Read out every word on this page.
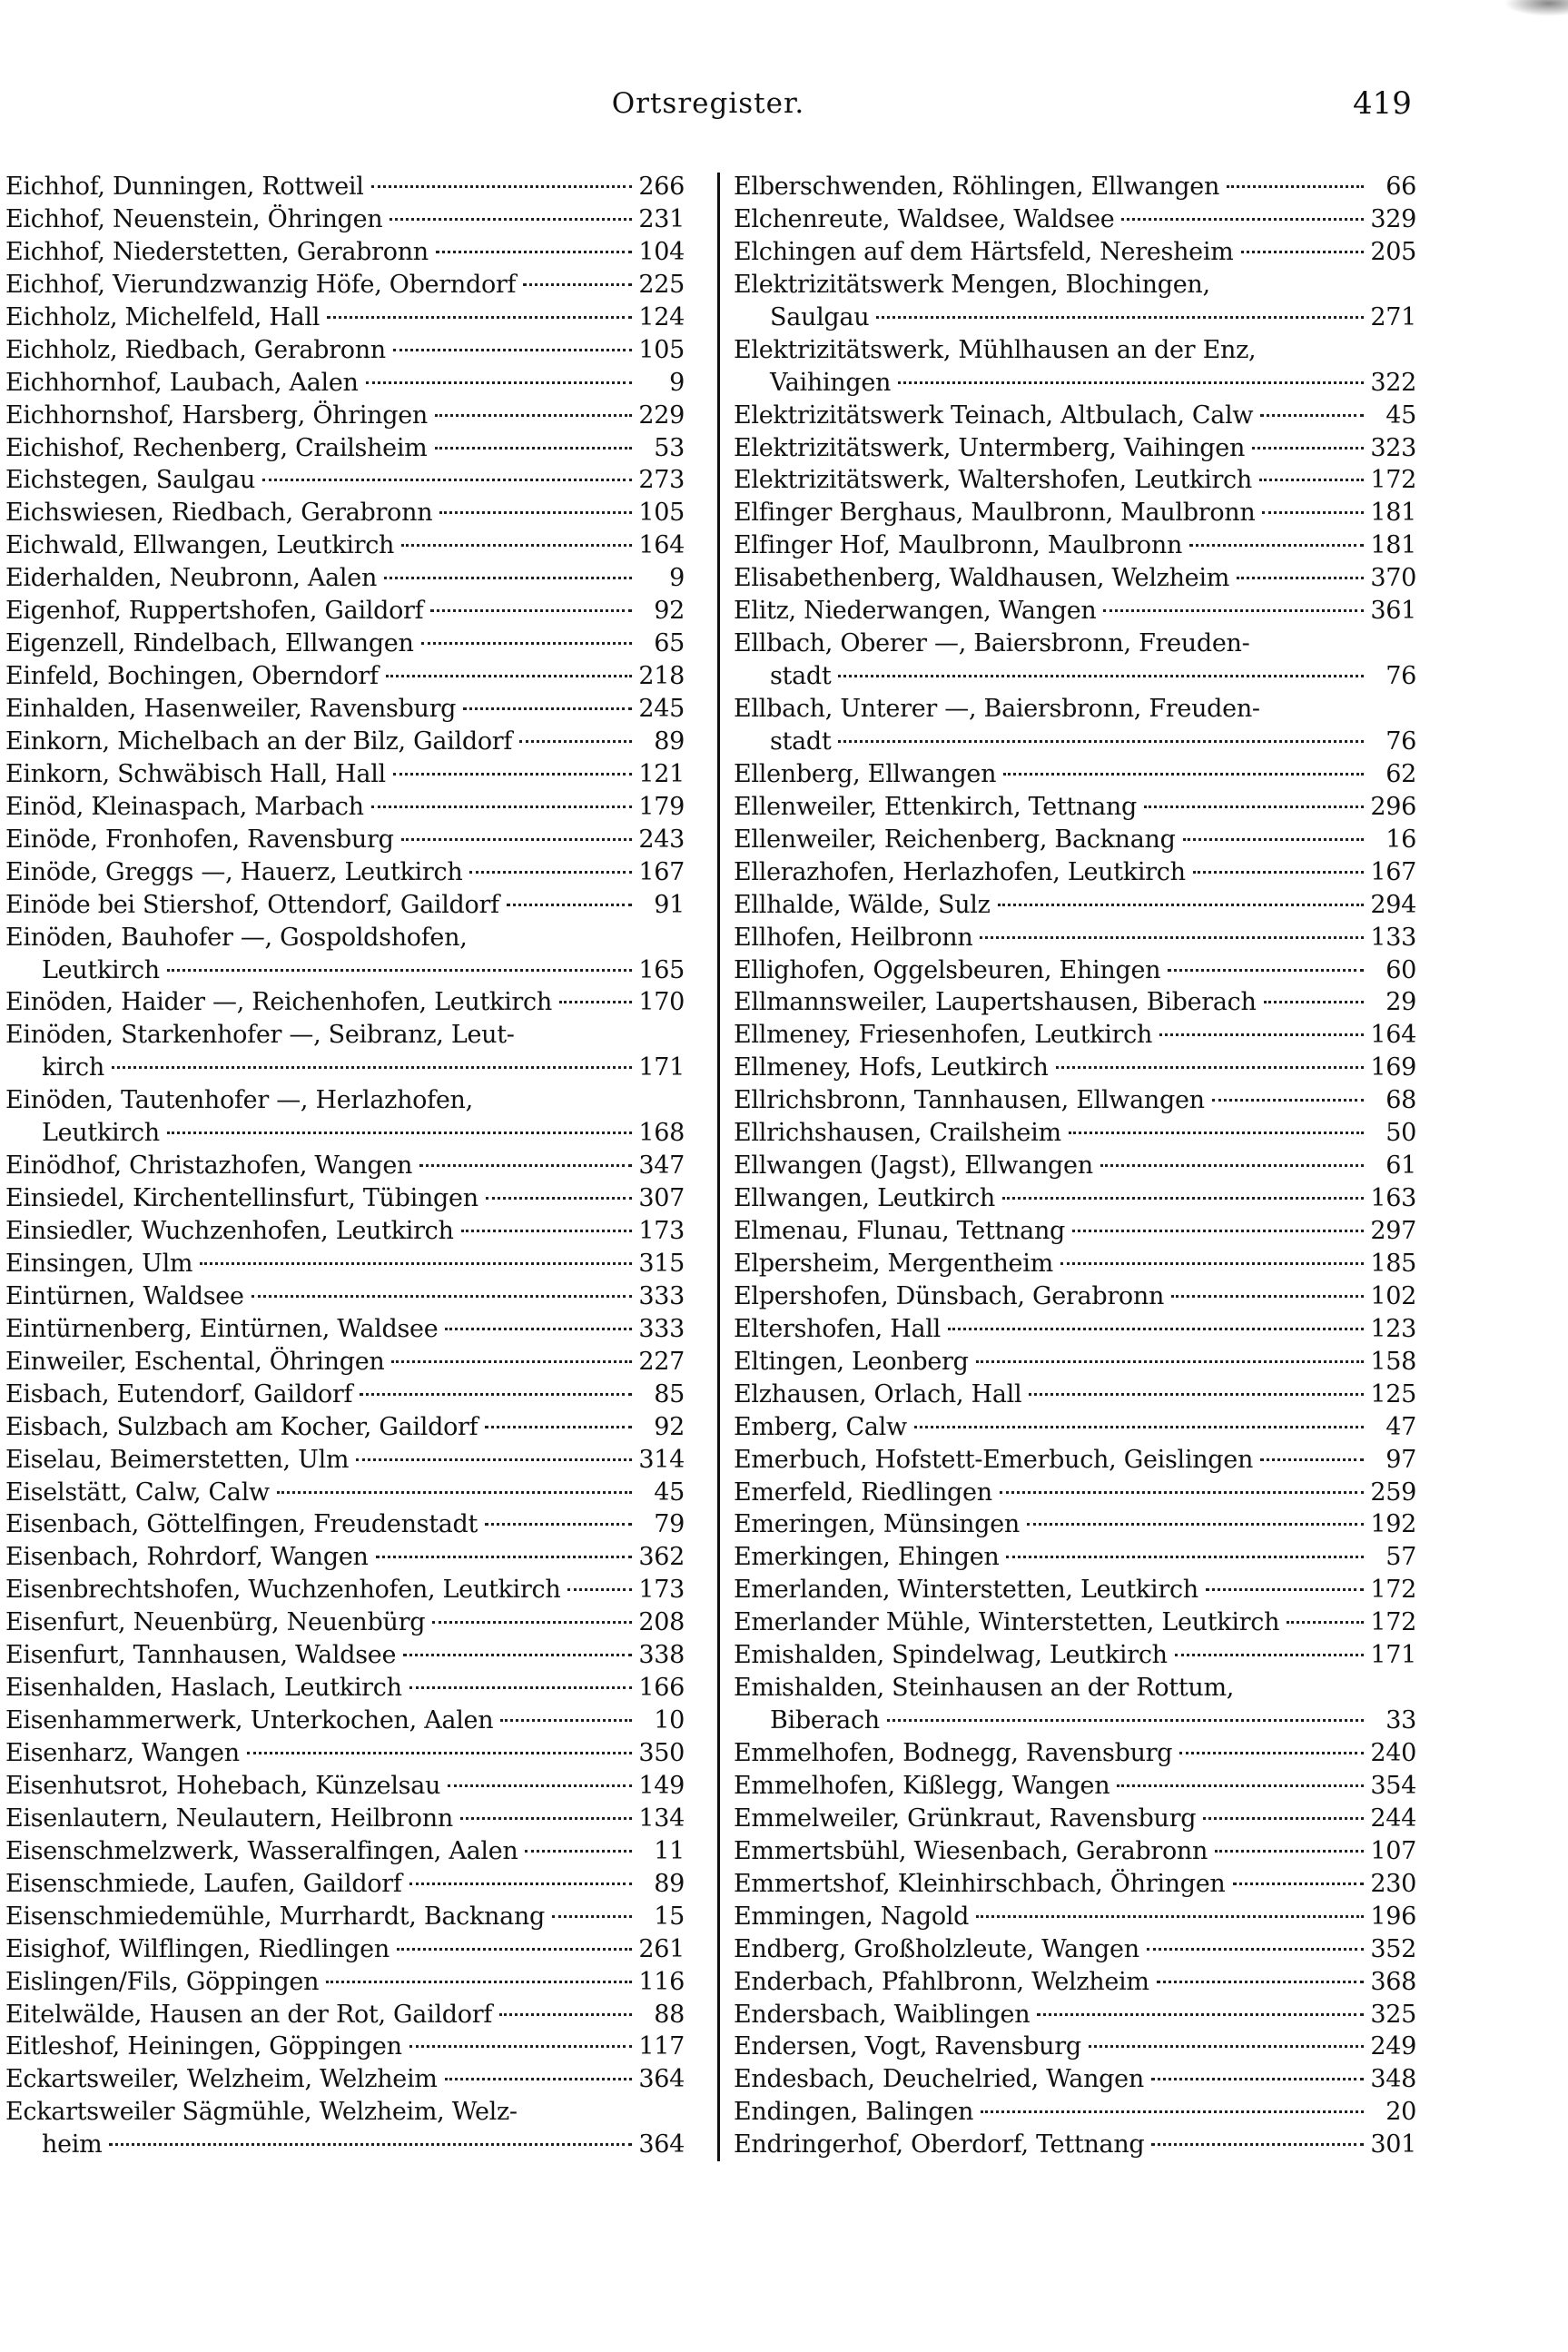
Ortsregister.	419
Eichhof, Dunningen, Rottweil	266
Eichhof, Neuenstein, Öhringen	231
Eichhof, Niederstetten, Gerabronn	104
Eichhof, Vierundzwanzig Höfe, Oberndorf	225
Eichholz, Michelfeld, Hall	124
Eichholz, Riedbach, Gerabronn	105
Eichhornhof, Laubach, Aalen	9
Eichhornshof, Harsberg, Öhringen	229
Eichishof, Rechenberg, Crailsheim	53
Eichstegen, Saulgau	273
Eichswiesen, Riedbach, Gerabronn	105
Eichwald, Ellwangen, Leutkirch	164
Eiderhalden, Neubronn, Aalen	9
Eigenhof, Ruppertshofen, Gaildorf	92
Eigenzell, Rindelbach, Ellwangen	65
Einfeld, Bochingen, Oberndorf	218
Einhalden, Hasenweiler, Ravensburg	245
Einkorn, Michelbach an der Bilz, Gaildorf	89
Einkorn, Schwäbisch Hall, Hall	121
Einöd, Kleinaspach, Marbach	179
Einöde, Fronhofen, Ravensburg	243
Einöde, Greggs —, Hauerz, Leutkirch	167
Einöde bei Stiershof, Ottendorf, Gaildorf	91
Einöden, Bauhofer —, Gospoldshofen,
Leutkirch	165
Einöden, Haider —, Reichenhofen, Leutkirch	170
Einöden, Starkenhofer —, Seibranz, Leut-
kirch	171
Einöden, Tautenhofer —, Herlazhofen,
Leutkirch	168
Einödhof, Christazhofen, Wangen	347
Einsiedel, Kirchentellinsfurt, Tübingen	307
Einsiedler, Wuchzenhofen, Leutkirch	173
Einsingen, Ulm	315
Eintürnen, Waldsee	333
Eintürnenberg, Eintürnen, Waldsee	333
Einweiler, Eschental, Öhringen	227
Eisbach, Eutendorf, Gaildorf	85
Eisbach, Sulzbach am Kocher, Gaildorf	92
Eiselau, Beimerstetten, Ulm	314
Eiselstätt, Calw, Calw	45
Eisenbach, Göttelfingen, Freudenstadt	79
Eisenbach, Rohrdorf, Wangen	362
Eisenbrechtshofen, Wuchzenhofen, Leutkirch	173
Eisenfurt, Neuenbürg, Neuenbürg	208
Eisenfurt, Tannhausen, Waldsee	338
Eisenhalden, Haslach, Leutkirch	166
Eisenhammerwerk, Unterkochen, Aalen	10
Eisenharz, Wangen	350
Eisenhutsrot, Hohebach, Künzelsau	149
Eisenlautern, Neulautern, Heilbronn	134
Eisenschmelzwerk, Wasseralfingen, Aalen	11
Eisenschmiede, Laufen, Gaildorf	89
Eisenschmiedemühle, Murrhardt, Backnang	15
Eisighof, Wilflingen, Riedlingen	261
Eislingen/Fils, Göppingen	116
Eitelwälde, Hausen an der Rot, Gaildorf	88
Eitleshof, Heiningen, Göppingen	117
Eckartsweiler, Welzheim, Welzheim	364
Eckartsweiler Sägmühle, Welzheim, Welz-
heim	364
Elberschwenden, Röhlingen, Ellwangen	66
Elchenreute, Waldsee, Waldsee	329
Elchingen auf dem Härtsfeld, Neresheim	205
Elektrizitätswerk Mengen, Blochingen,
Saulgau	271
Elektrizitätswerk, Mühlhausen an der Enz,
Vaihingen	322
Elektrizitätswerk Teinach, Altbulach, Calw	45
Elektrizitätswerk, Untermberg, Vaihingen	323
Elektrizitätswerk, Waltershofen, Leutkirch	172
Elfinger Berghaus, Maulbronn, Maulbronn	181
Elfinger Hof, Maulbronn, Maulbronn	181
Elisabethenberg, Waldhausen, Welzheim	370
Elitz, Niederwangen, Wangen	361
Ellbach, Oberer —, Baiersbronn, Freuden-
stadt	76
Ellbach, Unterer —, Baiersbronn, Freuden-
stadt	76
Ellenberg, Ellwangen	62
Ellenweiler, Ettenkirch, Tettnang	296
Ellenweiler, Reichenberg, Backnang	16
Ellerazhofen, Herlazhofen, Leutkirch	167
Ellhalde, Wälde, Sulz	294
Ellhofen, Heilbronn	133
Ellighofen, Oggelsbeuren, Ehingen	60
Ellmannsweiler, Laupertshausen, Biberach	29
Ellmeney, Friesenhofen, Leutkirch	164
Ellmeney, Hofs, Leutkirch	169
Ellrichsbronn, Tannhausen, Ellwangen	68
Ellrichshausen, Crailsheim	50
Ellwangen (Jagst), Ellwangen	61
Ellwangen, Leutkirch	163
Elmenau, Flunau, Tettnang	297
Elpersheim, Mergentheim	185
Elpershofen, Dünsbach, Gerabronn	102
Eltershofen, Hall	123
Eltingen, Leonberg	158
Elzhausen, Orlach, Hall	125
Emberg, Calw	47
Emerbuch, Hofstett-Emerbuch, Geislingen	97
Emerfeld, Riedlingen	259
Emeringen, Münsingen	192
Emerkingen, Ehingen	57
Emerlanden, Winterstetten, Leutkirch	172
Emerlander Mühle, Winterstetten, Leutkirch	172
Emishalden, Spindelwag, Leutkirch	171
Emishalden, Steinhausen an der Rottum,
Biberach	33
Emmelhofen, Bodnegg, Ravensburg	240
Emmelhofen, Kißlegg, Wangen	354
Emmelweiler, Grünkraut, Ravensburg	244
Emmertsbühl, Wiesenbach, Gerabronn	107
Emmertshof, Kleinhirschbach, Öhringen	230
Emmingen, Nagold	196
Endberg, Großholzleute, Wangen	352
Enderbach, Pfahlbronn, Welzheim	368
Endersbach, Waiblingen	325
Endersen, Vogt, Ravensburg	249
Endesbach, Deuchelried, Wangen	348
Endingen, Balingen	20
Endringerhof, Oberdorf, Tettnang	301
